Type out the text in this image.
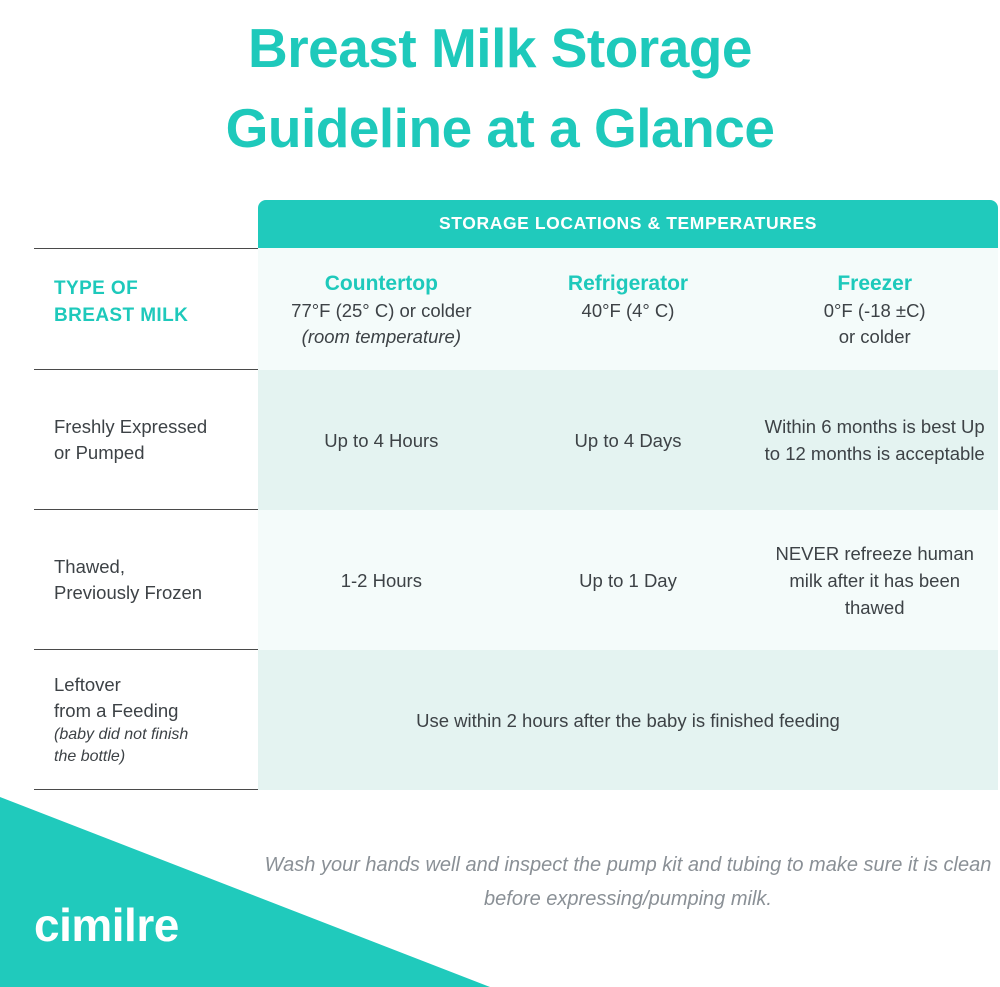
Breast Milk Storage
Guideline at a Glance
STORAGE LOCATIONS & TEMPERATURES
TYPE OF
BREAST MILK
Countertop
77°F (25° C) or colder
(room temperature)
Refrigerator
40°F (4° C)
Freezer
0°F (-18 ±C)
or colder
Freshly Expressed
or Pumped
Up to 4 Hours	Up to 4 Days
Within 6 months is best Up to 12 months is acceptable
Thawed,
Previously Frozen
1-2 Hours	Up to 1 Day
NEVER refreeze human milk after it has been thawed
Leftover
from a Feeding
(baby did not finish
the bottle)
Use within 2 hours after the baby is finished feeding
Wash your hands well and inspect the pump kit and tubing to make sure it is clean before expressing/pumping milk.
cimilre
